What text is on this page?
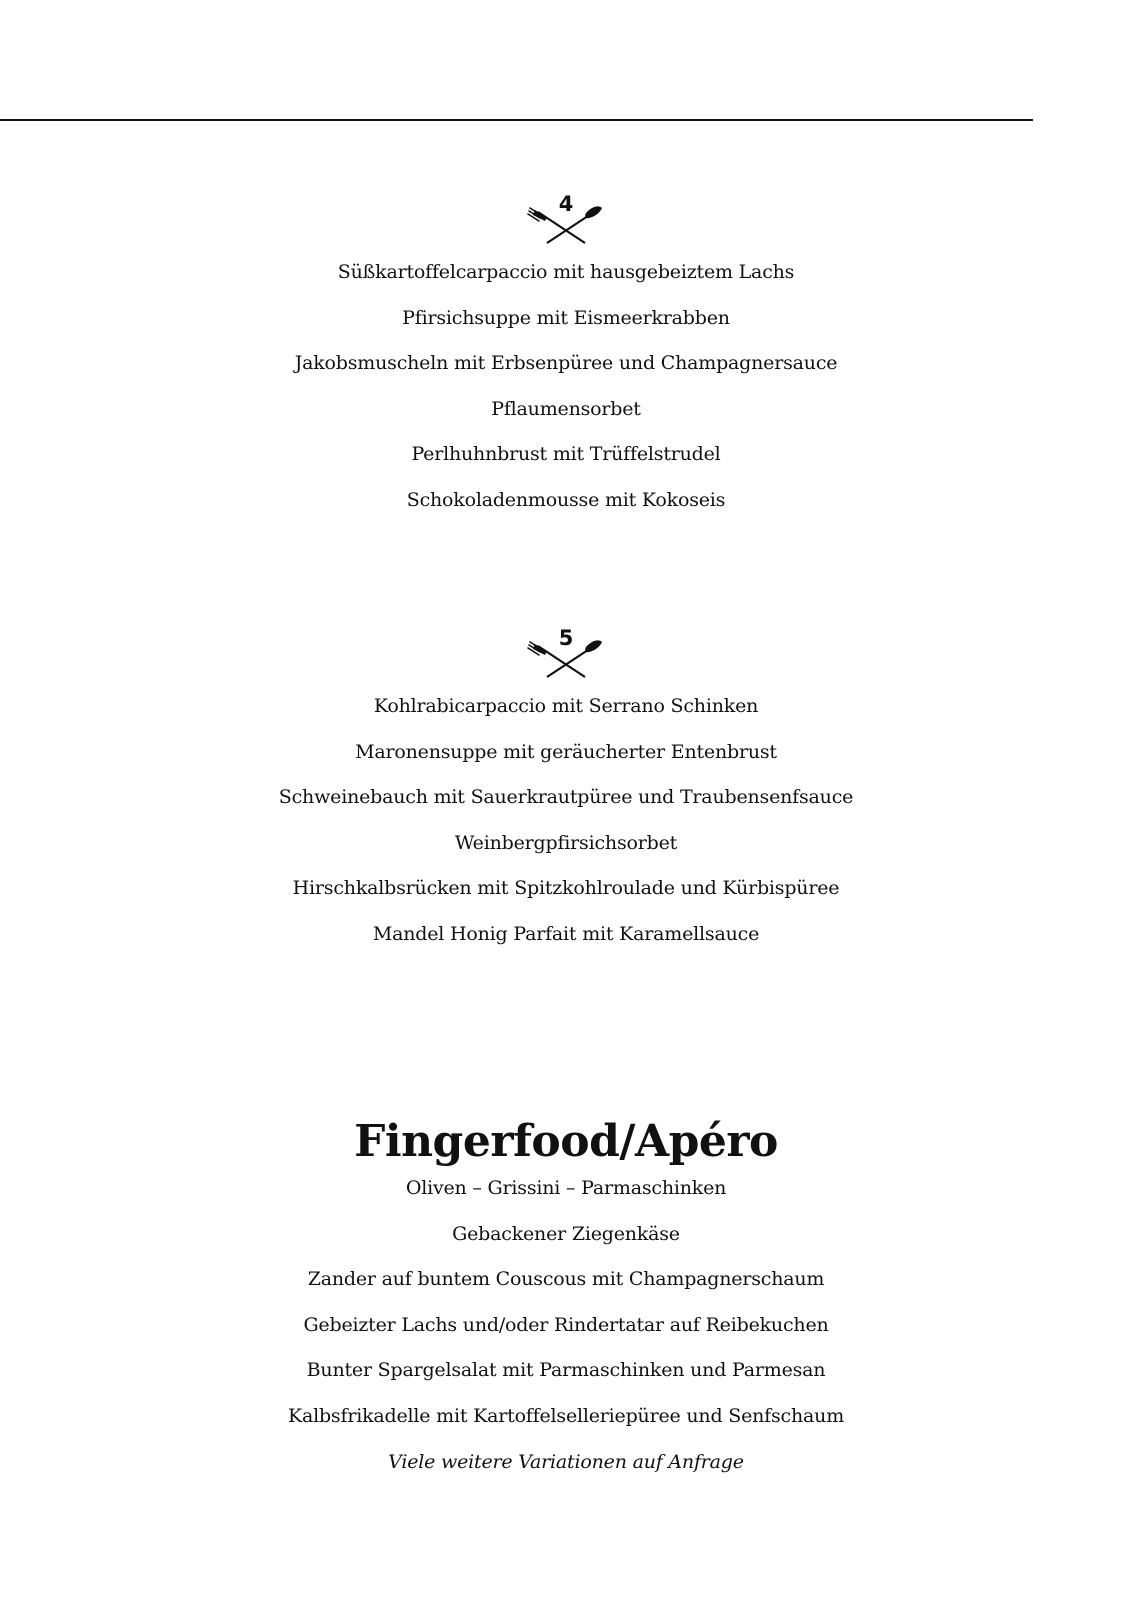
4
Süßkartoffelcarpaccio mit hausgebeiztem Lachs
Pfirsichsuppe mit Eismeerkrabben
Jakobsmuscheln mit Erbsenpüree und Champagnersauce
Pflaumensorbet
Perlhuhnbrust mit Trüffelstrudel
Schokoladenmousse mit Kokoseis
5
Kohlrabicarpaccio mit Serrano Schinken
Maronensuppe mit geräucherter Entenbrust
Schweinebauch mit Sauerkrautpüree und Traubensenfsauce
Weinbergpfirsichsorbet
Hirschkalbsrücken mit Spitzkohlroulade und Kürbispüree
Mandel Honig Parfait mit Karamellsauce
Fingerfood/Apéro
Oliven – Grissini – Parmaschinken
Gebackener Ziegenkäse
Zander auf buntem Couscous mit Champagnerschaum
Gebeizter Lachs und/oder Rindertatar auf Reibekuchen
Bunter Spargelsalat mit Parmaschinken und Parmesan
Kalbsfrikadelle mit Kartoffelselleriepüree und Senfschaum
Viele weitere Variationen auf Anfrage
